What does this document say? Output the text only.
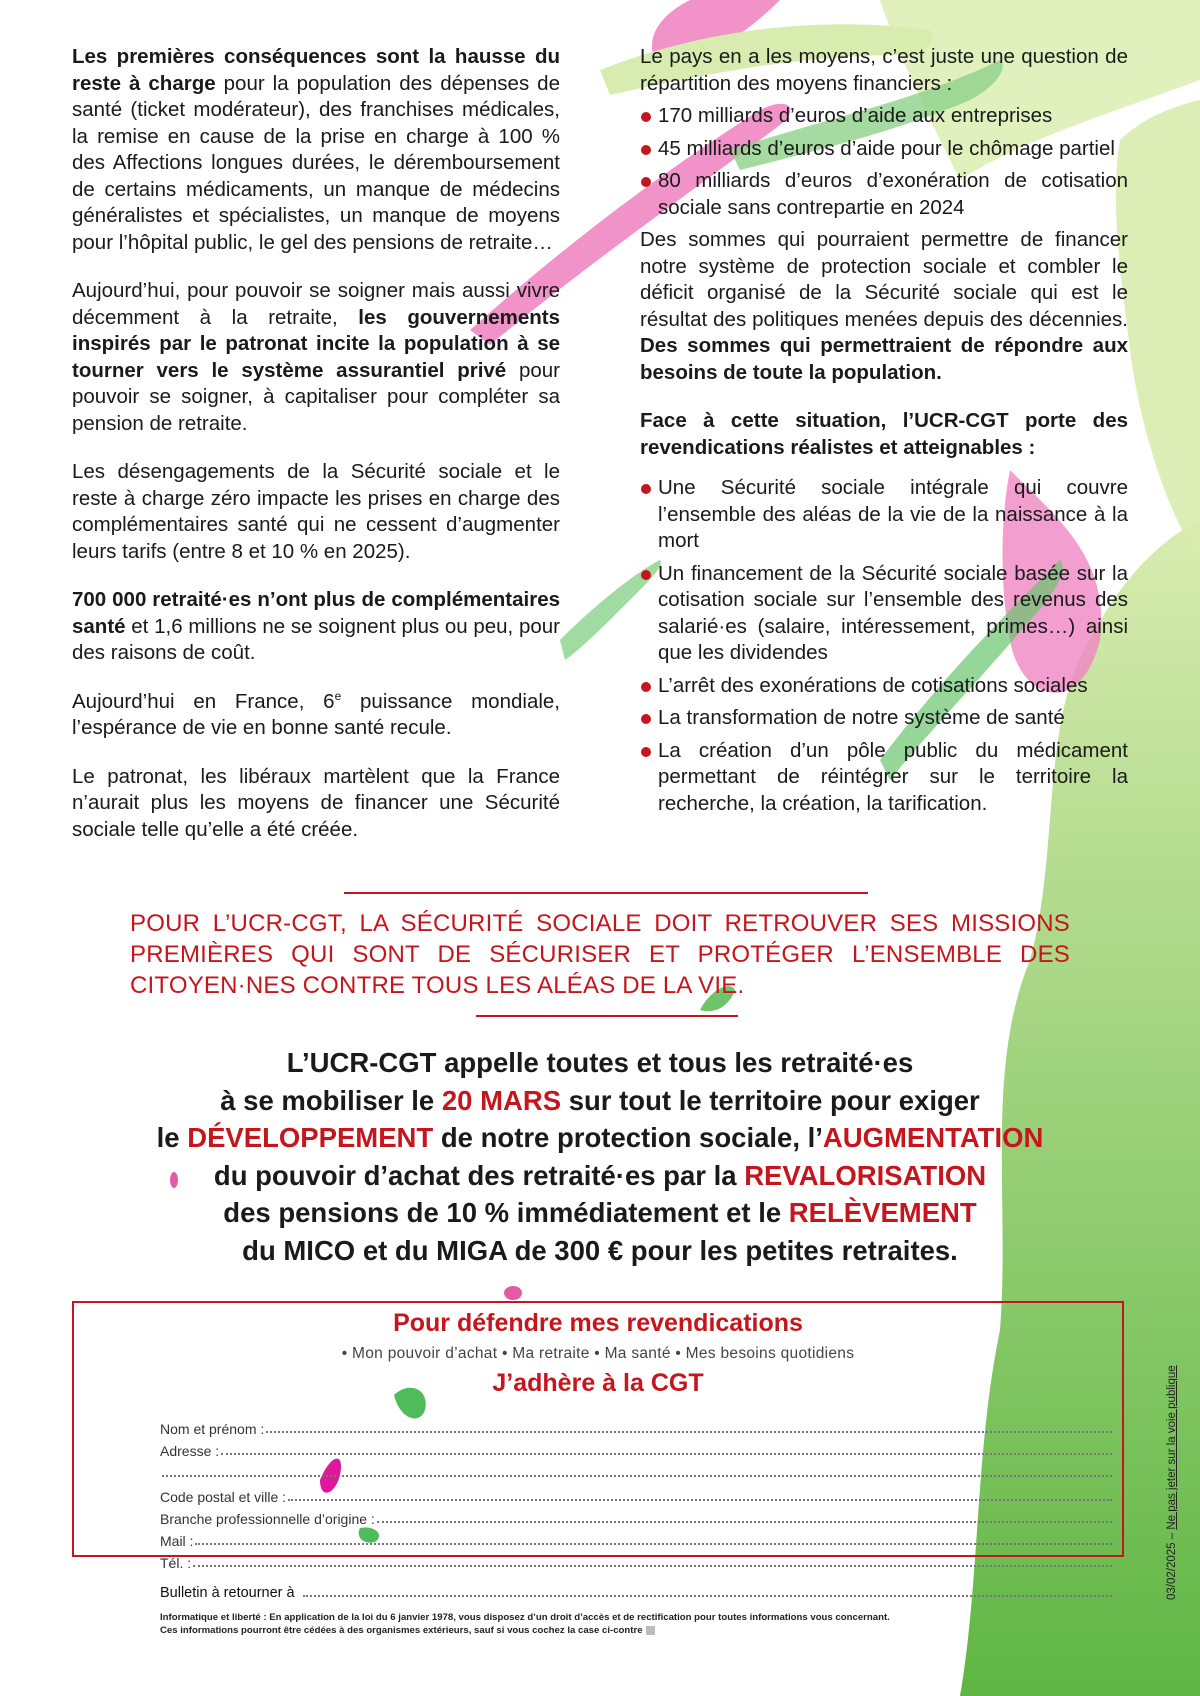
Les premières conséquences sont la hausse du reste à charge pour la population des dépenses de santé (ticket modérateur), des franchises médicales, la remise en cause de la prise en charge à 100 % des Affections longues durées, le déremboursement de certains médicaments, un manque de médecins généralistes et spécialistes, un manque de moyens pour l’hôpital public, le gel des pensions de retraite…

Aujourd’hui, pour pouvoir se soigner mais aussi vivre décemment à la retraite, les gouvernements inspirés par le patronat incite la population à se tourner vers le système assurantiel privé pour pouvoir se soigner, à capitaliser pour compléter sa pension de retraite.

Les désengagements de la Sécurité sociale et le reste à charge zéro impacte les prises en charge des complémentaires santé qui ne cessent d’augmenter leurs tarifs (entre 8 et 10 % en 2025).

700 000 retraité·es n’ont plus de complémentaires santé et 1,6 millions ne se soignent plus ou peu, pour des raisons de coût.

Aujourd’hui en France, 6e puissance mondiale, l’espérance de vie en bonne santé recule.

Le patronat, les libéraux martèlent que la France n’aurait plus les moyens de financer une Sécurité sociale telle qu’elle a été créée.

Le pays en a les moyens, c’est juste une question de répartition des moyens financiers :

170 milliards d’euros d’aide aux entreprises
45 milliards d’euros d’aide pour le chômage partiel
80 milliards d’euros d’exonération de cotisation sociale sans contrepartie en 2024

Des sommes qui pourraient permettre de financer notre système de protection sociale et combler le déficit organisé de la Sécurité sociale qui est le résultat des politiques menées depuis des décennies. Des sommes qui permettraient de répondre aux besoins de toute la population.

Face à cette situation, l’UCR-CGT porte des revendications réalistes et atteignables :

Une Sécurité sociale intégrale qui couvre l’ensemble des aléas de la vie de la naissance à la mort
Un financement de la Sécurité sociale basée sur la cotisation sociale sur l’ensemble des revenus des salarié·es (salaire, intéressement, primes…) ainsi que les dividendes
L’arrêt des exonérations de cotisations sociales
La transformation de notre système de santé
La création d’un pôle public du médicament permettant de réintégrer sur le territoire la recherche, la création, la tarification.
POUR L’UCR-CGT, LA SÉCURITÉ SOCIALE DOIT RETROUVER SES MISSIONS PREMIÈRES QUI SONT DE SÉCURISER ET PROTÉGER L’ENSEMBLE DES CITOYEN·NES CONTRE TOUS LES ALÉAS DE LA VIE.
L’UCR-CGT appelle toutes et tous les retraité·es
à se mobiliser le 20 MARS sur tout le territoire pour exiger
le DÉVELOPPEMENT de notre protection sociale, l’AUGMENTATION
du pouvoir d’achat des retraité·es par la REVALORISATION
des pensions de 10 % immédiatement et le RELÈVEMENT
du MICO et du MIGA de 300 € pour les petites retraites.
Pour défendre mes revendications
• Mon pouvoir d’achat • Ma retraite • Ma santé • Mes besoins quotidiens
J’adhère à la CGT
Nom et prénom :
Adresse :
Code postal et ville :
Branche professionnelle d’origine :
Mail :
Tél. :
Bulletin à retourner à
Informatique et liberté : En application de la loi du 6 janvier 1978, vous disposez d’un droit d’accès et de rectification pour toutes informations vous concernant.
Ces informations pourront être cédées à des organismes extérieurs, sauf si vous cochez la case ci-contre
03/02/2025 – Ne pas jeter sur la voie publique
